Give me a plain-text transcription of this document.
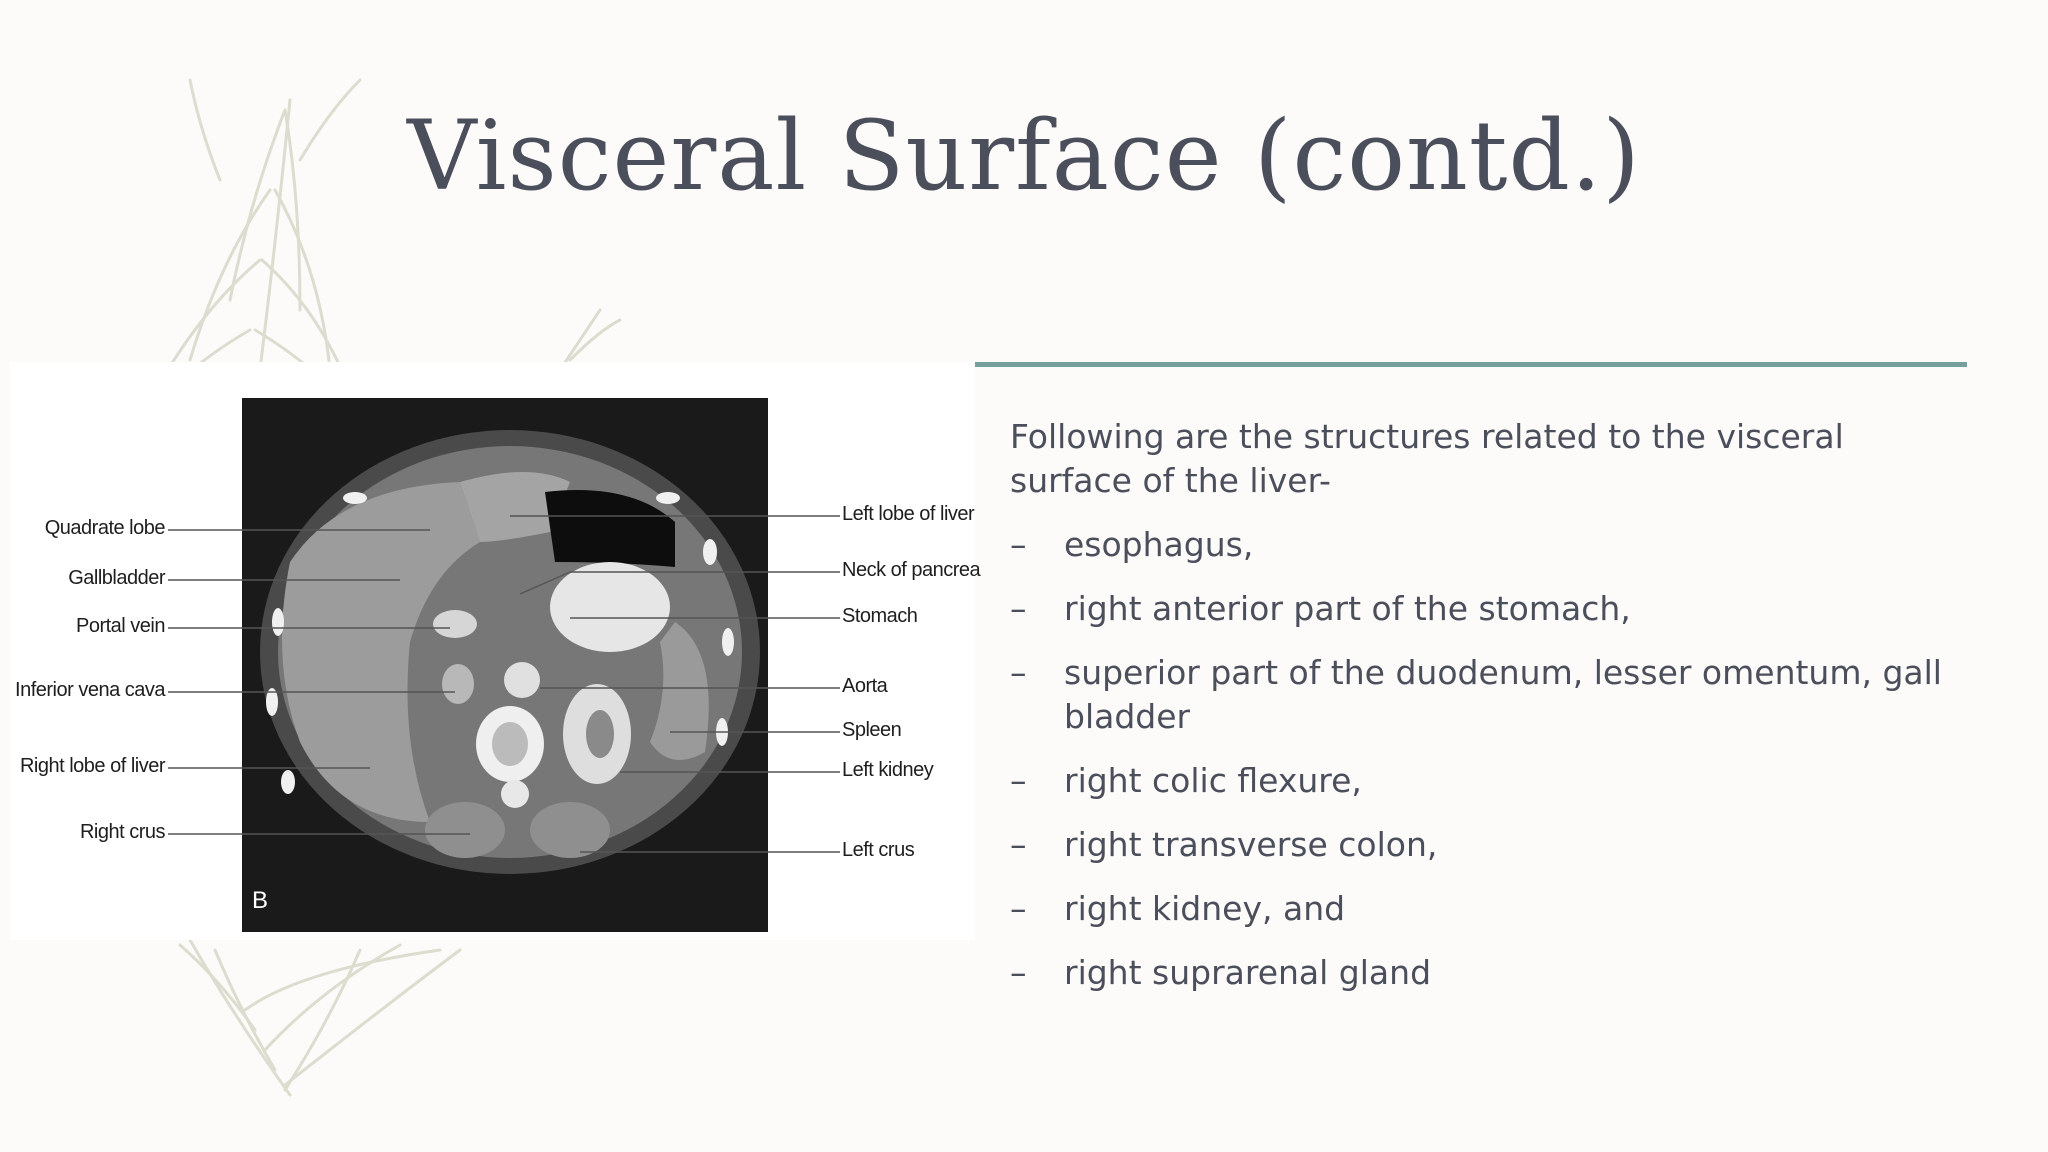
Visceral Surface (contd.)
B
Quadrate lobe
Gallbladder
Portal vein
Inferior vena cava
Right lobe of liver
Right crus
Left lobe of liver
Neck of pancrea
Stomach
Aorta
Spleen
Left kidney
Left crus

Following are the structures related to the visceral surface of the liver-

– esophagus,
– right anterior part of the stomach,
– superior part of the duodenum, lesser omentum, gall bladder
– right colic flexure,
– right transverse colon,
– right kidney, and
– right suprarenal gland
